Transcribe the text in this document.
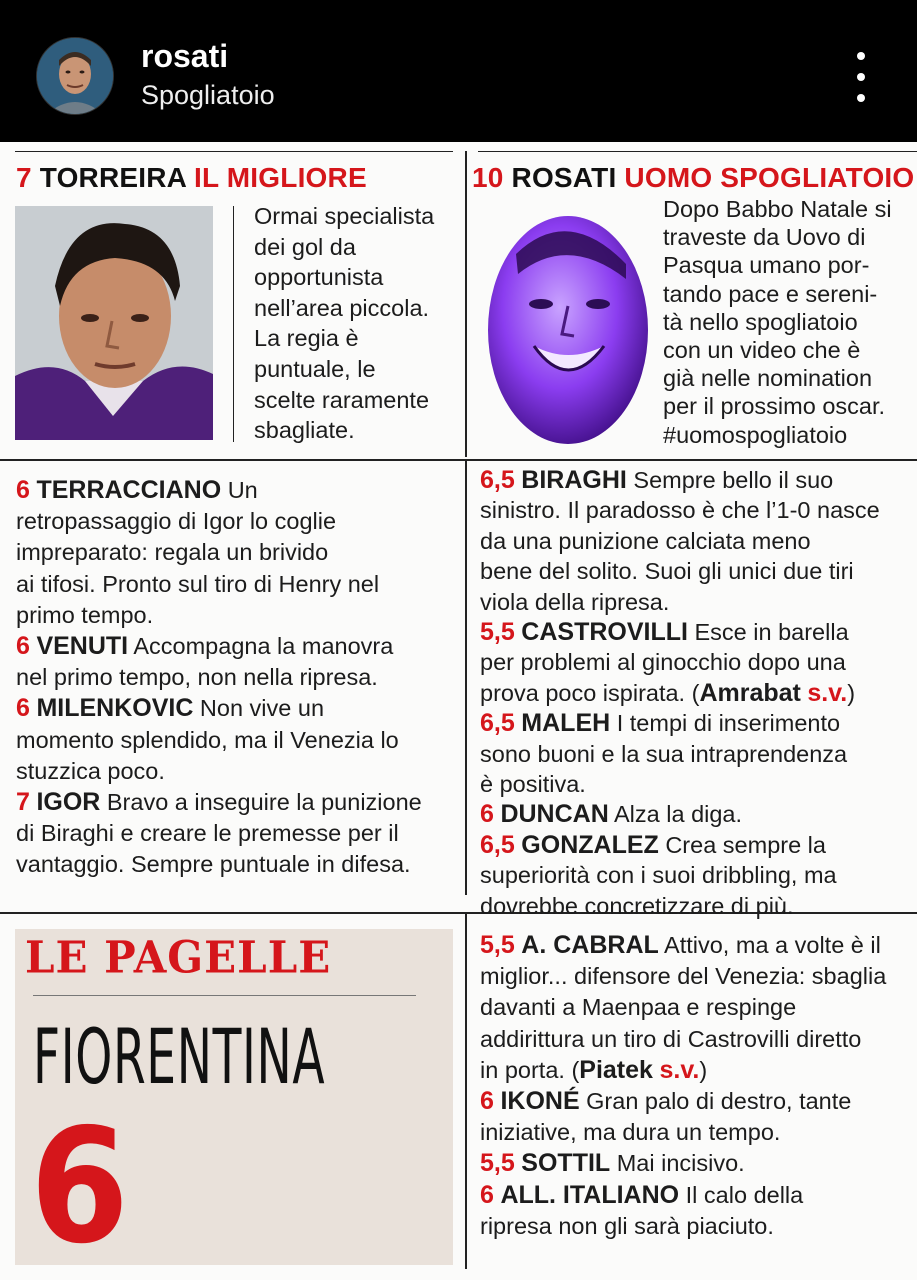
rosati
Spogliatoio
7 TORREIRA IL MIGLIORE

Ormai specialista

dei gol da

opportunista

nell’area piccola.

La regia è

puntuale, le

scelte raramente

sbagliate.

10 ROSATI UOMO SPOGLIATOIO

Dopo Babbo Natale si

traveste da Uovo di

Pasqua umano por-

tando pace e sereni-

tà nello spogliatoio

con un video che è

già nelle nomination

per il prossimo oscar.

#uomospogliatoio

6 TERRACCIANO Un

retropassaggio di Igor lo coglie

impreparato: regala un brivido

ai tifosi. Pronto sul tiro di Henry nel

primo tempo.

6 VENUTI Accompagna la manovra

nel primo tempo, non nella ripresa.

6 MILENKOVIC Non vive un

momento splendido, ma il Venezia lo

stuzzica poco.

7 IGOR Bravo a inseguire la punizione

di Biraghi e creare le premesse per il

vantaggio. Sempre puntuale in difesa.

6,5 BIRAGHI Sempre bello il suo

sinistro. Il paradosso è che l’1-0 nasce

da una punizione calciata meno

bene del solito. Suoi gli unici due tiri

viola della ripresa.

5,5 CASTROVILLI Esce in barella

per problemi al ginocchio dopo una

prova poco ispirata. (Amrabat s.v.)

6,5 MALEH I tempi di inserimento

sono buoni e la sua intraprendenza

è positiva.

6 DUNCAN Alza la diga.

6,5 GONZALEZ Crea sempre la

superiorità con i suoi dribbling, ma

dovrebbe concretizzare di più.

LE PAGELLE
FIORENTINA
6

5,5 A. CABRAL Attivo, ma a volte è il

miglior... difensore del Venezia: sbaglia

davanti a Maenpaa e respinge

addirittura un tiro di Castrovilli diretto

in porta. (Piatek s.v.)

6 IKONÉ Gran palo di destro, tante

iniziative, ma dura un tempo.

5,5 SOTTIL Mai incisivo.

6 ALL. ITALIANO Il calo della

ripresa non gli sarà piaciuto.
